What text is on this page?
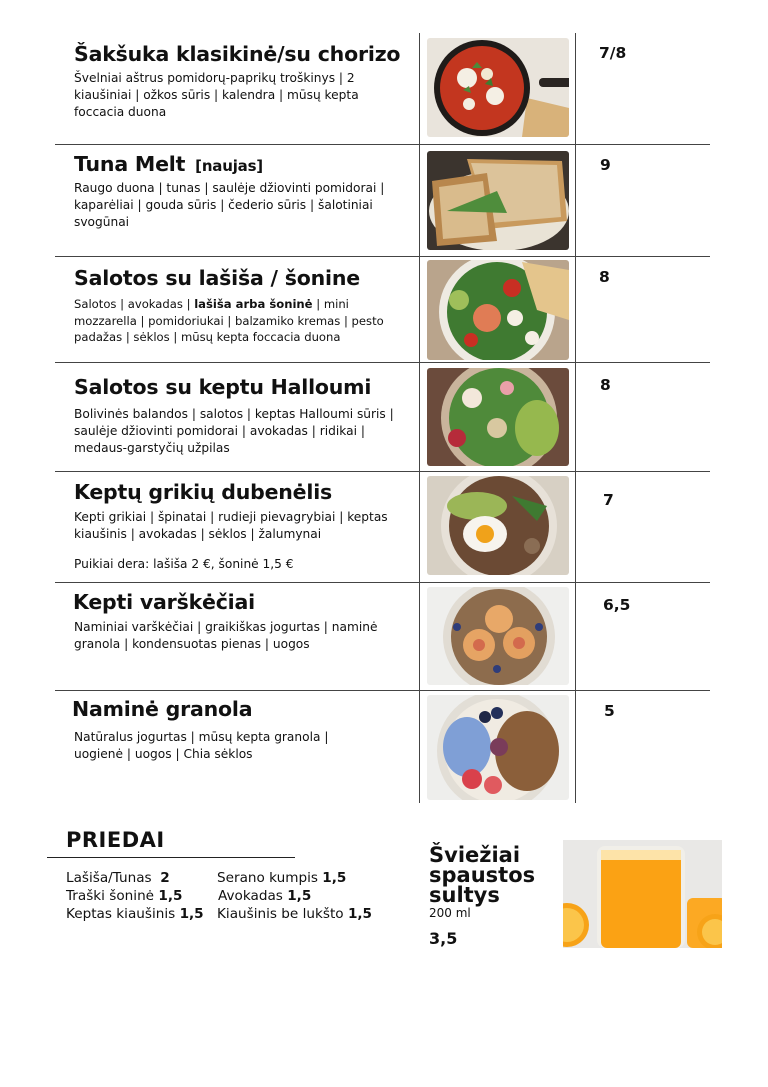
Šakšuka klasikinė/su chorizo
Švelniai aštrus pomidorų-paprikų troškinys | 2 kiaušiniai | ožkos sūris | kalendra | mūsų kepta foccacia duona
7/8
Tuna Melt [naujas]
Raugo duona | tunas | saulėje džiovinti pomidorai | kaparėliai | gouda sūris | čederio sūris | šalotiniai svogūnai
9
Salotos su lašiša / šonine
Salotos | avokadas | lašiša arba šoninė | mini mozzarella | pomidoriukai | balzamiko kremas | pesto padažas | sėklos | mūsų kepta foccacia duona
8
Salotos su keptu Halloumi
Bolivinės balandos | salotos | keptas Halloumi sūris | saulėje džiovinti pomidorai | avokadas | ridikai | medaus-garstyčių užpilas
8
Keptų grikių dubenėlis
Kepti grikiai | špinatai | rudieji pievagrybiai | keptas kiaušinis | avokadas | sėklos | žalumynai
Puikiai dera: lašiša 2 €, šoninė 1,5 €
7
Kepti varškėčiai
Naminiai varškėčiai | graikiškas jogurtas | naminė granola | kondensuotas pienas | uogos
6,5
Naminė granola
Natūralus jogurtas | mūsų kepta granola | uogienė | uogos | Chia sėklos
5
PRIEDAI
Lašiša/Tunas 2	Serano kumpis 1,5
Traški šoninė 1,5	Avokadas 1,5
Keptas kiaušinis 1,5 Kiaušinis be lukšto 1,5
Šviežiai spaustos sultys
200 ml
3,5
